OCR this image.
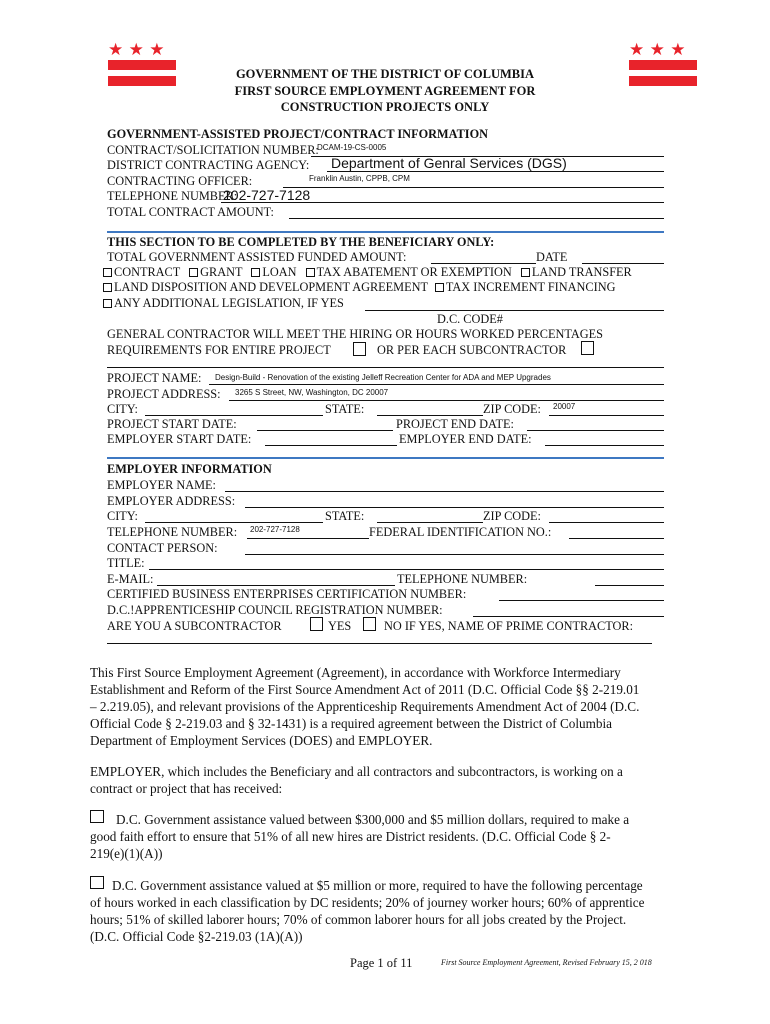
★ ★ ★	★ ★ ★
GOVERNMENT OF THE DISTRICT OF COLUMBIA
FIRST SOURCE EMPLOYMENT AGREEMENT FOR
CONSTRUCTION PROJECTS ONLY
GOVERNMENT-ASSISTED PROJECT/CONTRACT INFORMATION
CONTRACT/SOLICITATION NUMBER:
DCAM-19-CS-0005
DISTRICT CONTRACTING AGENCY: Department of Genral Services (DGS)
CONTRACTING OFFICER:	Franklin Austin, CPPB, CPM
TELEPHONE NUMBER:
202-727-7128
TOTAL CONTRACT AMOUNT:
THIS SECTION TO BE COMPLETED BY THE BENEFICIARY ONLY:
TOTAL GOVERNMENT ASSISTED FUNDED AMOUNT:	DATE
CONTRACT GRANT LOAN TAX ABATEMENT OR EXEMPTION LAND TRANSFER
LAND DISPOSITION AND DEVELOPMENT AGREEMENT TAX INCREMENT FINANCING
ANY ADDITIONAL LEGISLATION, IF YES
D.C. CODE#
GENERAL CONTRACTOR WILL MEET THE HIRING OR HOURS WORKED PERCENTAGES
REQUIREMENTS FOR ENTIRE PROJECT	OR PER EACH SUBCONTRACTOR
PROJECT NAME: Design-Build - Renovation of the existing Jelleff Recreation Center for ADA and MEP Upgrades
PROJECT ADDRESS: 3265 S Street, NW, Washington, DC 20007
CITY:	STATE:	ZIP CODE: 20007
PROJECT START DATE:	PROJECT END DATE:
EMPLOYER START DATE:	EMPLOYER END DATE:
EMPLOYER INFORMATION
EMPLOYER NAME:
EMPLOYER ADDRESS:
CITY:	STATE:	ZIP CODE:
TELEPHONE NUMBER: 202-727-7128	FEDERAL IDENTIFICATION NO.:
CONTACT PERSON:
TITLE:
E-MAIL:	TELEPHONE NUMBER:
CERTIFIED BUSINESS ENTERPRISES CERTIFICATION NUMBER:
D.C.!APPRENTICESHIP COUNCIL REGISTRATION NUMBER:
ARE YOU A SUBCONTRACTOR	YES	NO IF YES, NAME OF PRIME CONTRACTOR:
This First Source Employment Agreement (Agreement), in accordance with Workforce Intermediary
Establishment and Reform of the First Source Amendment Act of 2011 (D.C. Official Code §§ 2-219.01
– 2.219.05), and relevant provisions of the Apprenticeship Requirements Amendment Act of 2004 (D.C.
Official Code § 2-219.03 and § 32-1431) is a required agreement between the District of Columbia
Department of Employment Services (DOES) and EMPLOYER.
EMPLOYER, which includes the Beneficiary and all contractors and subcontractors, is working on a
contract or project that has received:
D.C. Government assistance valued between $300,000 and $5 million dollars, required to make a
good faith effort to ensure that 51% of all new hires are District residents. (D.C. Official Code § 2-
219(e)(1)(A))
D.C. Government assistance valued at $5 million or more, required to have the following percentage
of hours worked in each classification by DC residents; 20% of journey worker hours; 60% of apprentice
hours; 51% of skilled laborer hours; 70% of common laborer hours for all jobs created by the Project.
(D.C. Official Code §2-219.03 (1A)(A))
Page 1 of 11	First Source Employment Agreement, Revised February 15, 2 018
